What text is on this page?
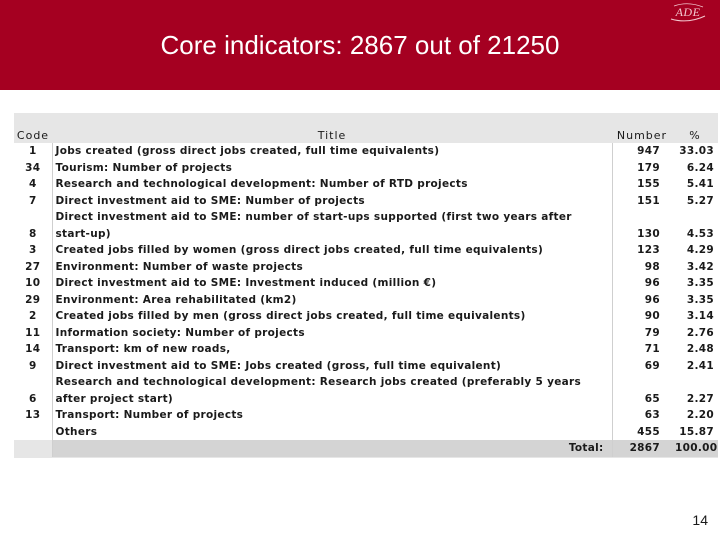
ADE
Core indicators: 2867 out of 21250
Code	Title	Number	%
1	Jobs created (gross direct jobs created, full time equivalents)	947	33.03
34	Tourism: Number of projects	179	6.24
4	Research and technological development: Number of RTD projects	155	5.41
7	Direct investment aid to SME: Number of projects	151	5.27
8	Direct investment aid to SME: number of start-ups supported (first two years after start-up)	130	4.53
3	Created jobs filled by women (gross direct jobs created, full time equivalents)	123	4.29
27	Environment: Number of waste projects	98	3.42
10	Direct investment aid to SME: Investment induced (million €)	96	3.35
29	Environment: Area rehabilitated (km2)	96	3.35
2	Created jobs filled by men (gross direct jobs created, full time equivalents)	90	3.14
11	Information society: Number of projects	79	2.76
14	Transport: km of new roads,	71	2.48
9	Direct investment aid to SME: Jobs created (gross, full time equivalent)	69	2.41
6	Research and technological development: Research jobs created (preferably 5 years after project start)	65	2.27
13	Transport: Number of projects	63	2.20
	Others	455	15.87
	Total:	2867	100.00
14
